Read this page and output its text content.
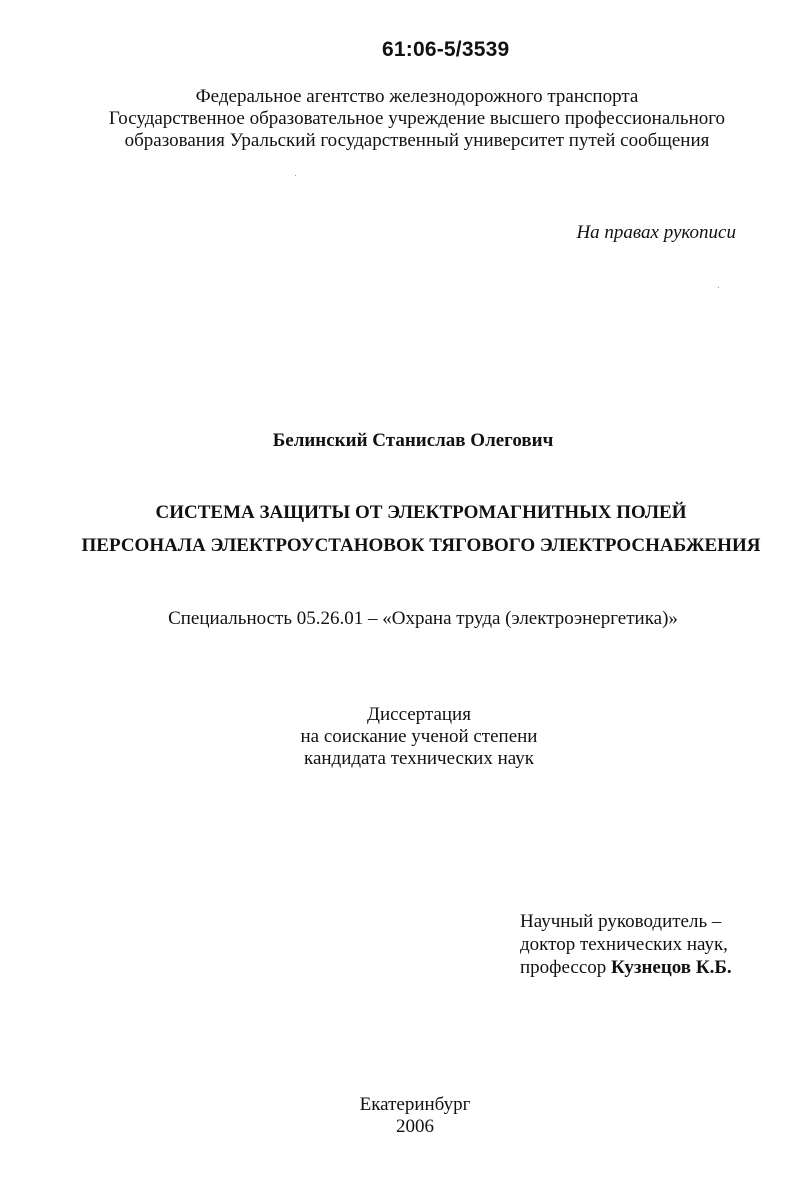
61:06-5/3539
Федеральное агентство железнодорожного транспорта
Государственное образовательное учреждение высшего профессионального
образования Уральский государственный университет путей сообщения
На правах рукописи
Белинский Станислав Олегович
СИСТЕМА ЗАЩИТЫ ОТ ЭЛЕКТРОМАГНИТНЫХ ПОЛЕЙ
ПЕРСОНАЛА ЭЛЕКТРОУСТАНОВОК ТЯГОВОГО ЭЛЕКТРОСНАБЖЕНИЯ
Специальность 05.26.01 – «Охрана труда (электроэнергетика)»
Диссертация
на соискание ученой степени
кандидата технических наук
Научный руководитель –
доктор технических наук,
профессор Кузнецов К.Б.
Екатеринбург
2006
